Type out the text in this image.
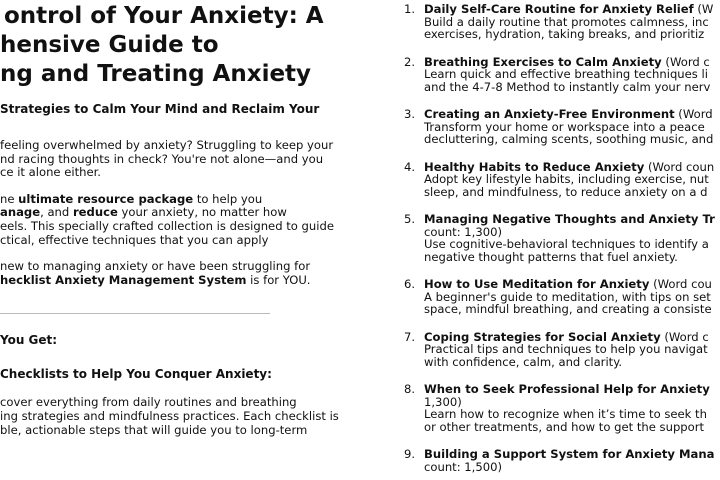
ontrol of Your Anxiety: A
hensive Guide to
ng and Treating Anxiety
Strategies to Calm Your Mind and Reclaim Your
feeling overwhelmed by anxiety? Struggling to keep your
nd racing thoughts in check? You're not alone—and you
ce it alone either.
ne ultimate resource package to help you
anage, and reduce your anxiety, no matter how
eels. This specially crafted collection is designed to guide
ctical, effective techniques that you can apply
new to managing anxiety or have been struggling for
hecklist Anxiety Management System is for YOU.
You Get:
Checklists to Help You Conquer Anxiety:
cover everything from daily routines and breathing
ing strategies and mindfulness practices. Each checklist is
ble, actionable steps that will guide you to long-term
1. Daily Self-Care Routine for Anxiety Relief (W
Build a daily routine that promotes calmness, inc
exercises, hydration, taking breaks, and prioritiz
2. Breathing Exercises to Calm Anxiety (Word c
Learn quick and effective breathing techniques li
and the 4-7-8 Method to instantly calm your nerv
3. Creating an Anxiety-Free Environment (Word
Transform your home or workspace into a peace
decluttering, calming scents, soothing music, and
4. Healthy Habits to Reduce Anxiety (Word coun
Adopt key lifestyle habits, including exercise, nut
sleep, and mindfulness, to reduce anxiety on a d
5. Managing Negative Thoughts and Anxiety Tr
count: 1,300)
Use cognitive-behavioral techniques to identify a
negative thought patterns that fuel anxiety.
6. How to Use Meditation for Anxiety (Word cou
A beginner's guide to meditation, with tips on set
space, mindful breathing, and creating a consiste
7. Coping Strategies for Social Anxiety (Word c
Practical tips and techniques to help you navigat
with confidence, calm, and clarity.
8. When to Seek Professional Help for Anxiety
1,300)
Learn how to recognize when it’s time to seek th
or other treatments, and how to get the support
9. Building a Support System for Anxiety Mana
count: 1,500)
